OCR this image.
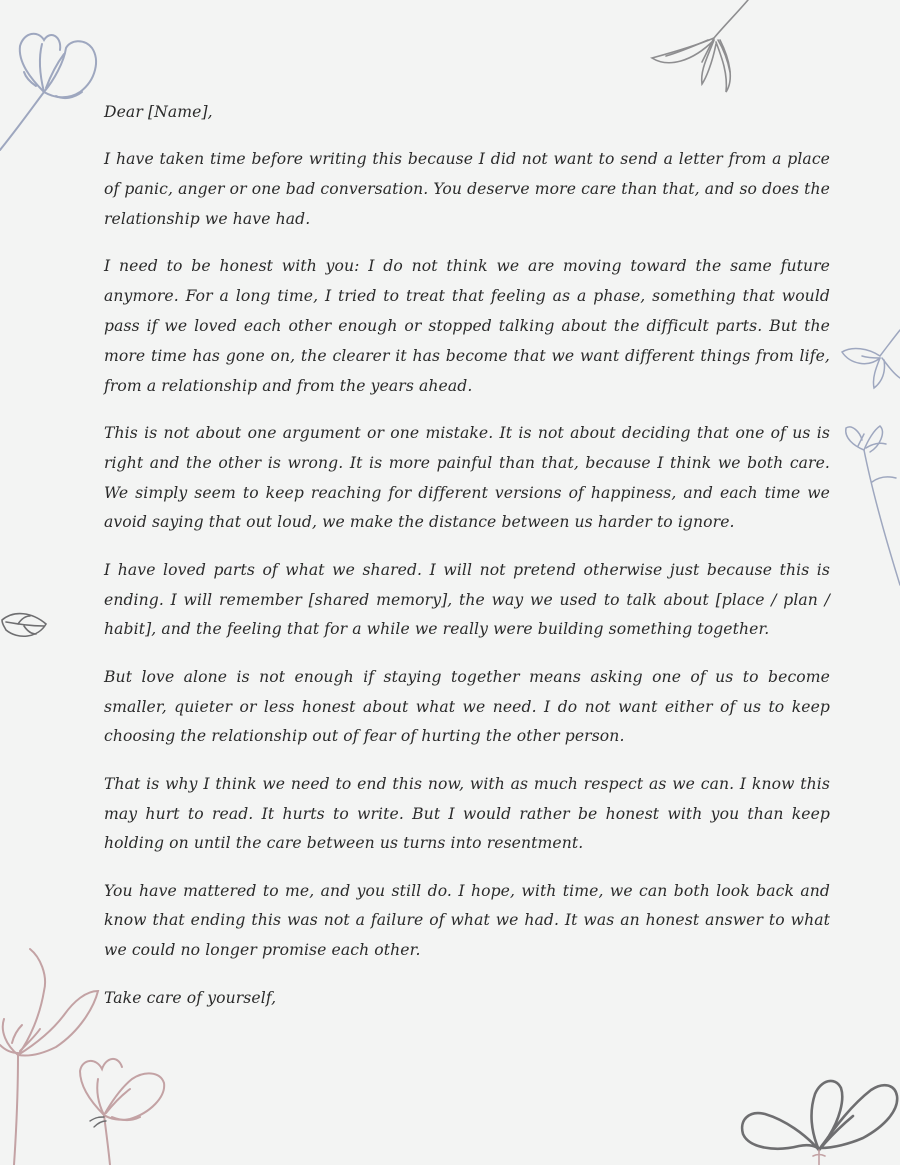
Dear [Name],

I have taken time before writing this because I did not want to send a letter from a place of panic, anger or one bad conversation. You deserve more care than that, and so does the relationship we have had.

I need to be honest with you: I do not think we are moving toward the same future anymore. For a long time, I tried to treat that feeling as a phase, something that would pass if we loved each other enough or stopped talking about the difficult parts. But the more time has gone on, the clearer it has become that we want different things from life, from a relationship and from the years ahead.

This is not about one argument or one mistake. It is not about deciding that one of us is right and the other is wrong. It is more painful than that, because I think we both care. We simply seem to keep reaching for different versions of happiness, and each time we avoid saying that out loud, we make the distance between us harder to ignore.

I have loved parts of what we shared. I will not pretend otherwise just because this is ending. I will remember [shared memory], the way we used to talk about [place / plan / habit], and the feeling that for a while we really were building something together.

But love alone is not enough if staying together means asking one of us to become smaller, quieter or less honest about what we need. I do not want either of us to keep choosing the relationship out of fear of hurting the other person.

That is why I think we need to end this now, with as much respect as we can. I know this may hurt to read. It hurts to write. But I would rather be honest with you than keep holding on until the care between us turns into resentment.

You have mattered to me, and you still do. I hope, with time, we can both look back and know that ending this was not a failure of what we had. It was an honest answer to what we could no longer promise each other.

Take care of yourself,
